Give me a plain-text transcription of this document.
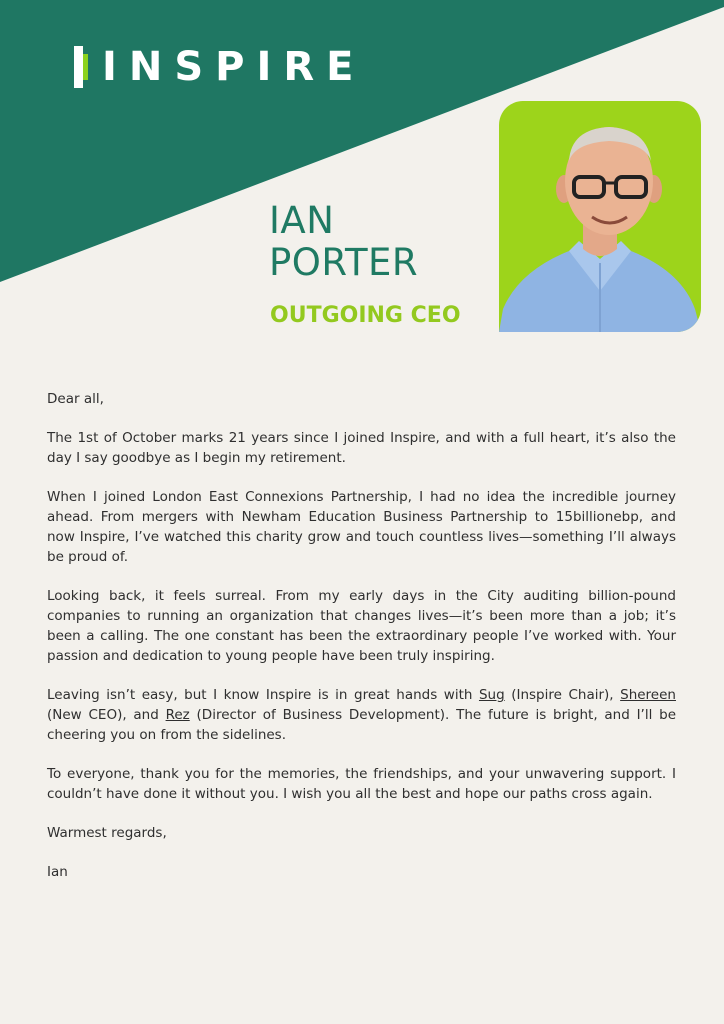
INSPIRE
IAN
PORTER
OUTGOING CEO

Dear all,

The 1st of October marks 21 years since I joined Inspire, and with a full heart, it’s also the day I say goodbye as I begin my retirement.

When I joined London East Connexions Partnership, I had no idea the incredible journey ahead. From mergers with Newham Education Business Partnership to 15billionebp, and now Inspire, I’ve watched this charity grow and touch countless lives—something I’ll always be proud of.

Looking back, it feels surreal. From my early days in the City auditing billion-pound companies to running an organization that changes lives—it’s been more than a job; it’s been a calling. The one constant has been the extraordinary people I’ve worked with. Your passion and dedication to young people have been truly inspiring.

Leaving isn’t easy, but I know Inspire is in great hands with Sug (Inspire Chair), Shereen (New CEO), and Rez (Director of Business Development). The future is bright, and I’ll be cheering you on from the sidelines.

To everyone, thank you for the memories, the friendships, and your unwavering support. I couldn’t have done it without you. I wish you all the best and hope our paths cross again.

Warmest regards,

Ian
